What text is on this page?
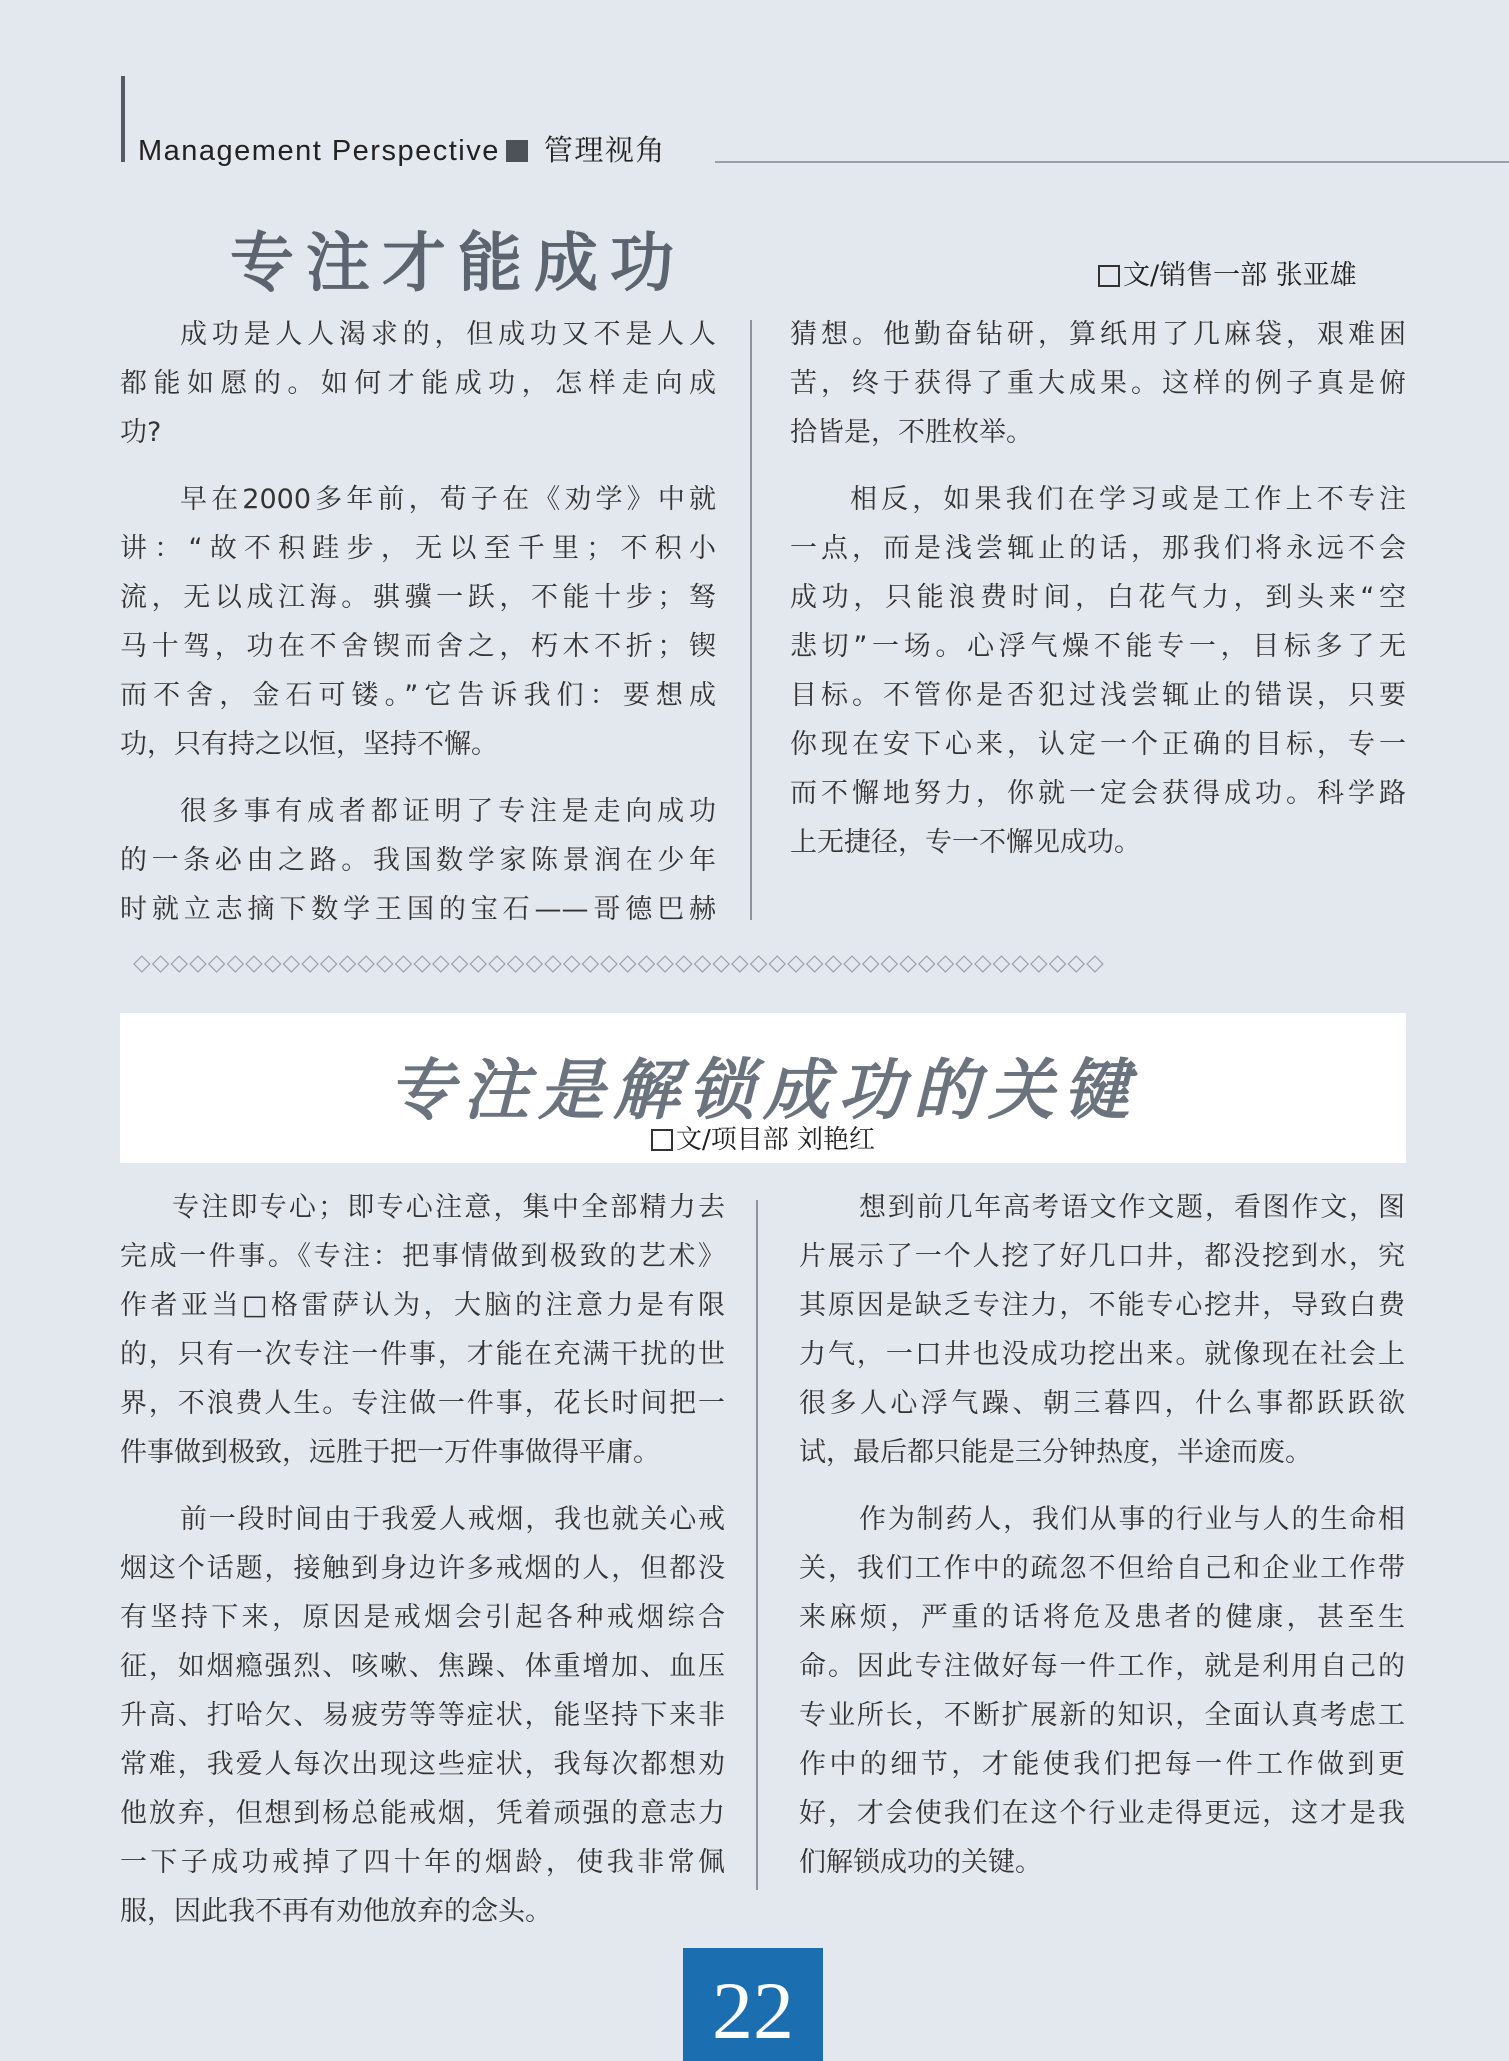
Management Perspective 管理视角
专注才能成功	文/销售一部 张亚雄
成功是人人渴求的，但成功又不是人人
都能如愿的。如何才能成功，怎样走向成
功?
早在2000多年前，荀子在《劝学》中就
讲：“故不积跬步，无以至千里；不积小
流，无以成江海。骐骥一跃，不能十步；驽
马十驾，功在不舍锲而舍之，朽木不折；锲
而不舍，金石可镂。”它告诉我们：要想成
功，只有持之以恒，坚持不懈。
很多事有成者都证明了专注是走向成功
的一条必由之路。我国数学家陈景润在少年
时就立志摘下数学王国的宝石——哥德巴赫
猜想。他勤奋钻研，算纸用了几麻袋，艰难困
苦，终于获得了重大成果。这样的例子真是俯
拾皆是，不胜枚举。
相反，如果我们在学习或是工作上不专注
一点，而是浅尝辄止的话，那我们将永远不会
成功，只能浪费时间，白花气力，到头来“空
悲切”一场。心浮气燥不能专一，目标多了无
目标。不管你是否犯过浅尝辄止的错误，只要
你现在安下心来，认定一个正确的目标，专一
而不懈地努力，你就一定会获得成功。科学路
上无捷径，专一不懈见成功。
◇◇◇◇◇◇◇◇◇◇◇◇◇◇◇◇◇◇◇◇◇◇◇◇◇◇◇◇◇◇◇◇◇◇◇◇◇◇◇◇◇◇◇◇◇◇◇◇◇◇◇◇
专注是解锁成功的关键
文/项目部 刘艳红
专注即专心；即专心注意，集中全部精力去
完成一件事。《专注：把事情做到极致的艺术》
作者亚当□格雷萨认为，大脑的注意力是有限
的，只有一次专注一件事，才能在充满干扰的世
界，不浪费人生。专注做一件事，花长时间把一
件事做到极致，远胜于把一万件事做得平庸。
前一段时间由于我爱人戒烟，我也就关心戒
烟这个话题，接触到身边许多戒烟的人，但都没
有坚持下来，原因是戒烟会引起各种戒烟综合
征，如烟瘾强烈、咳嗽、焦躁、体重增加、血压
升高、打哈欠、易疲劳等等症状，能坚持下来非
常难，我爱人每次出现这些症状，我每次都想劝
他放弃，但想到杨总能戒烟，凭着顽强的意志力
一下子成功戒掉了四十年的烟龄，使我非常佩
服，因此我不再有劝他放弃的念头。
想到前几年高考语文作文题，看图作文，图
片展示了一个人挖了好几口井，都没挖到水，究
其原因是缺乏专注力，不能专心挖井，导致白费
力气，一口井也没成功挖出来。就像现在社会上
很多人心浮气躁、朝三暮四，什么事都跃跃欲
试，最后都只能是三分钟热度，半途而废。
作为制药人，我们从事的行业与人的生命相
关，我们工作中的疏忽不但给自己和企业工作带
来麻烦，严重的话将危及患者的健康，甚至生
命。因此专注做好每一件工作，就是利用自己的
专业所长，不断扩展新的知识，全面认真考虑工
作中的细节，才能使我们把每一件工作做到更
好，才会使我们在这个行业走得更远，这才是我
们解锁成功的关键。
22
